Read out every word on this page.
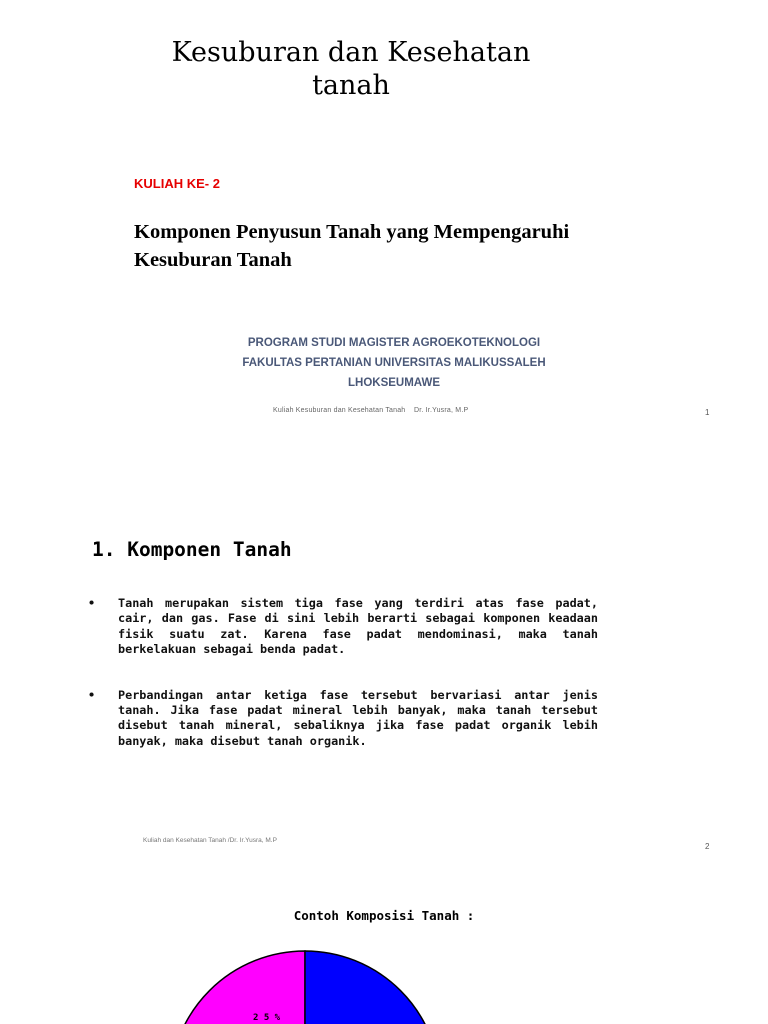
Kesuburan dan Kesehatan
tanah
KULIAH KE- 2
Komponen Penyusun Tanah yang Mempengaruhi
Kesuburan Tanah
PROGRAM STUDI MAGISTER AGROEKOTEKNOLOGI
FAKULTAS PERTANIAN UNIVERSITAS MALIKUSSALEH
LHOKSEUMAWE
Kuliah Kesuburan dan Kesehatan Tanah    Dr. Ir.Yusra, M.P	1
1. Komponen Tanah
• Tanah merupakan sistem tiga fase yang terdiri atas fase padat, cair, dan gas. Fase di sini lebih berarti sebagai komponen keadaan fisik suatu zat. Karena fase padat mendominasi, maka tanah berkelakuan sebagai benda padat.
• Perbandingan antar ketiga fase tersebut bervariasi antar jenis tanah. Jika fase padat mineral lebih banyak, maka tanah tersebut disebut tanah mineral, sebaliknya jika fase padat organik lebih banyak, maka disebut tanah organik.
Kuliah dan Kesehatan Tanah /Dr. Ir.Yusra, M.P
2
Contoh Komposisi Tanah :
2 5 %
